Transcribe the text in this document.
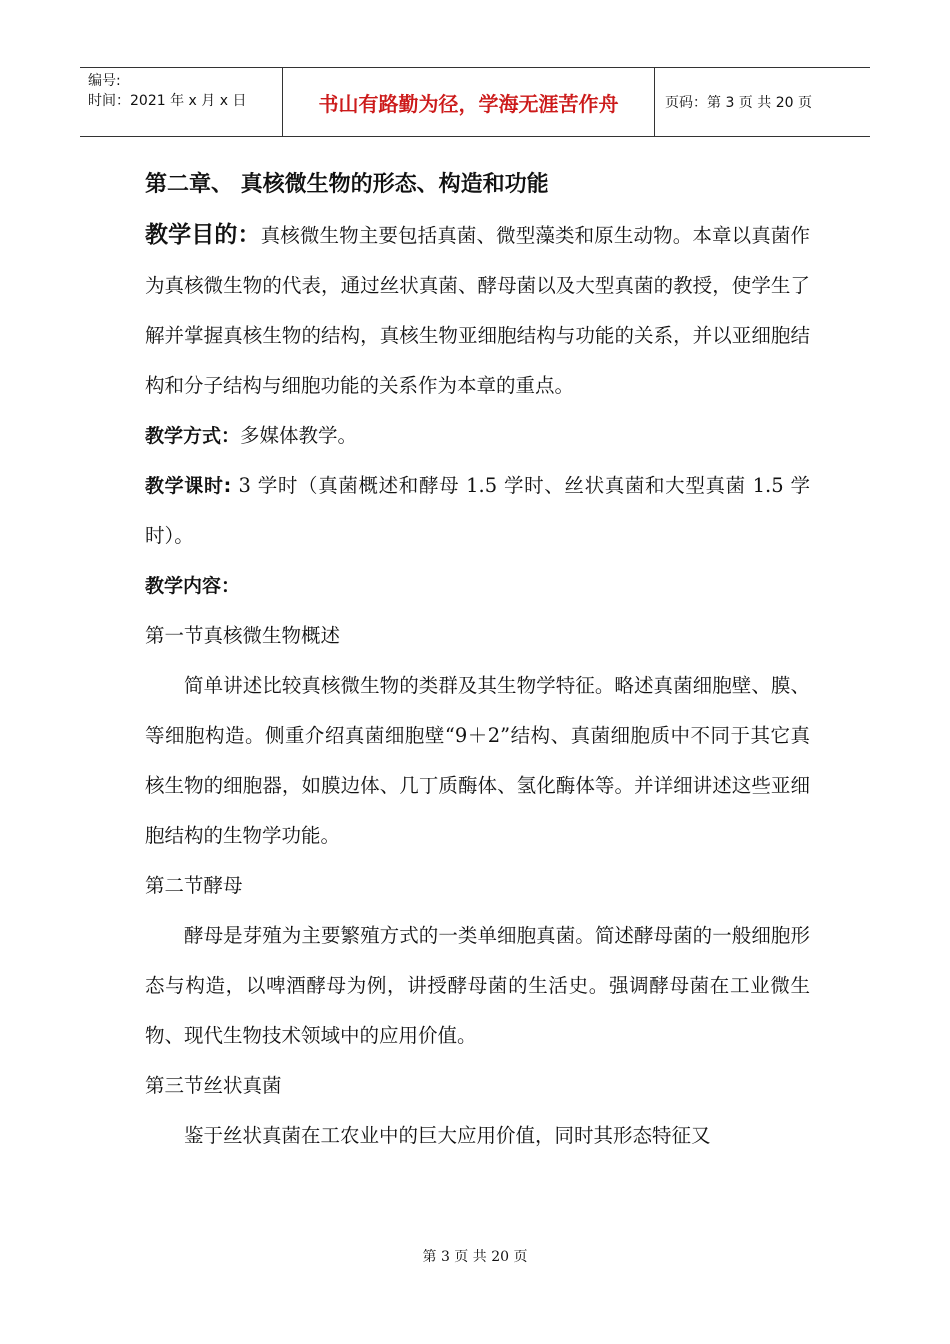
编号:
时间：2021 年 x 月 x 日	书山有路勤为径，学海无涯苦作舟	页码：第 3 页 共 20 页
第二章、 真核微生物的形态、构造和功能

教学目的：真核微生物主要包括真菌、微型藻类和原生动物。本章以真菌作为真核微生物的代表，通过丝状真菌、酵母菌以及大型真菌的教授，使学生了解并掌握真核生物的结构，真核生物亚细胞结构与功能的关系，并以亚细胞结构和分子结构与细胞功能的关系作为本章的重点。

教学方式：多媒体教学。

教学课时: 3 学时（真菌概述和酵母 1.5 学时、丝状真菌和大型真菌 1.5 学时）。

教学内容：

第一节真核微生物概述

简单讲述比较真核微生物的类群及其生物学特征。略述真菌细胞壁、膜、等细胞构造。侧重介绍真菌细胞壁“9＋2”结构、真菌细胞质中不同于其它真核生物的细胞器，如膜边体、几丁质酶体、氢化酶体等。并详细讲述这些亚细胞结构的生物学功能。

第二节酵母

酵母是芽殖为主要繁殖方式的一类单细胞真菌。简述酵母菌的一般细胞形态与构造，以啤酒酵母为例，讲授酵母菌的生活史。强调酵母菌在工业微生物、现代生物技术领域中的应用价值。

第三节丝状真菌

鉴于丝状真菌在工农业中的巨大应用价值，同时其形态特征又

第 3 页 共 20 页
